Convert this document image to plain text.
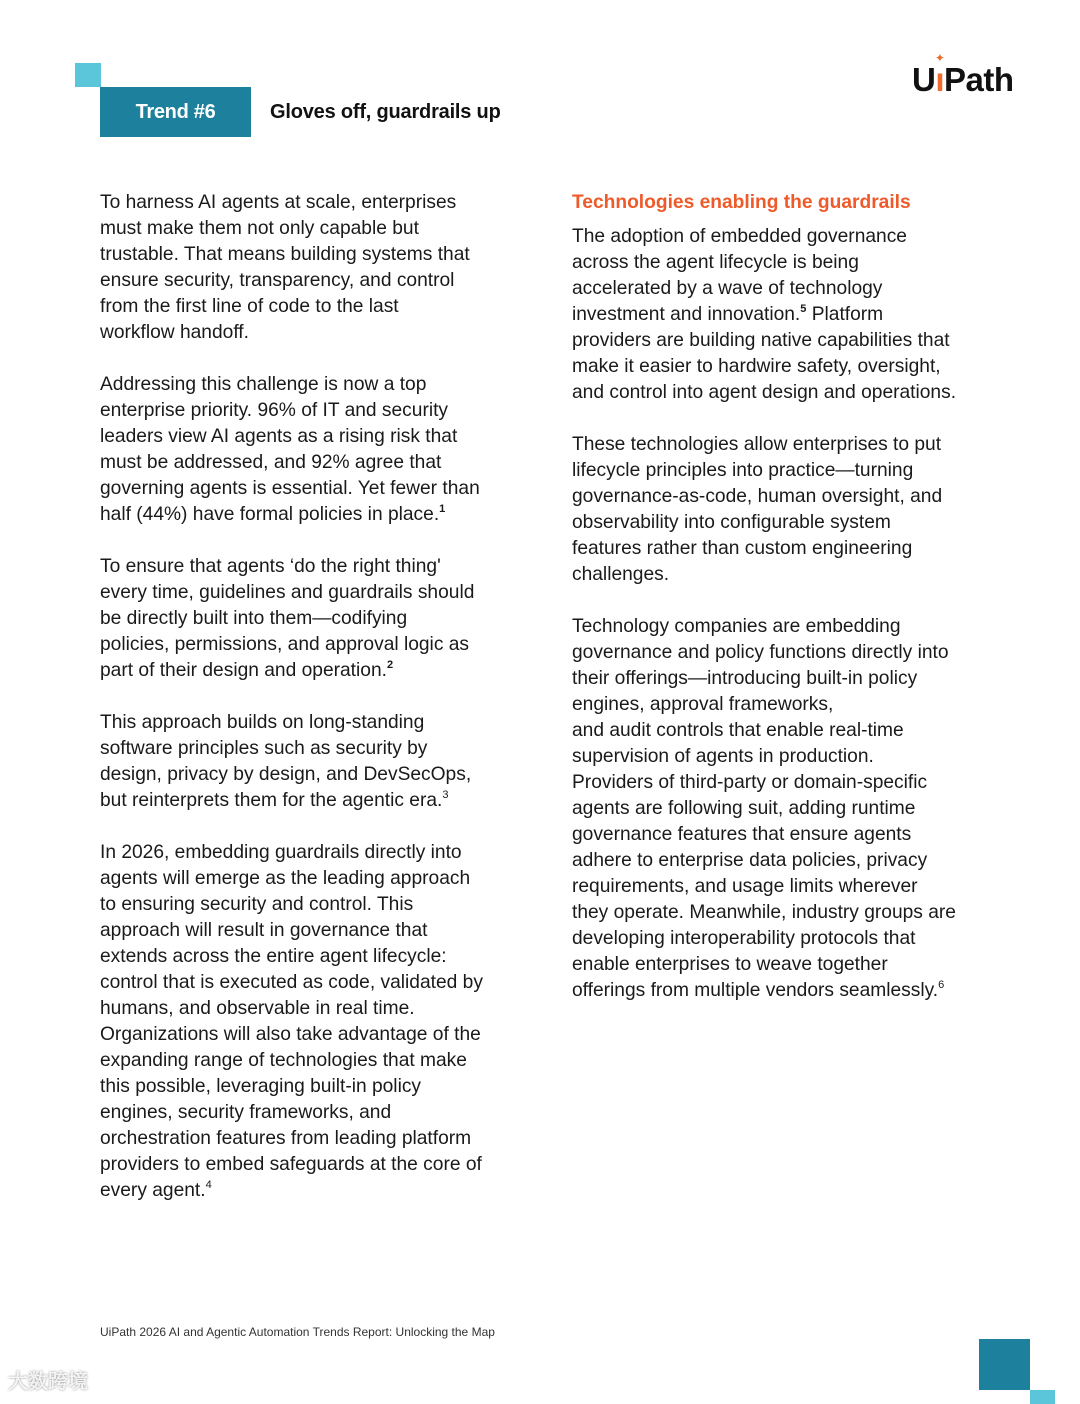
Trend #6	Gloves off, guardrails up
U
✦
ıPath

To harness AI agents at scale, enterprises
must make them not only capable but
trustable. That means building systems that
ensure security, transparency, and control
from the first line of code to the last
workflow handoff.

Addressing this challenge is now a top
enterprise priority. 96% of IT and security
leaders view AI agents as a rising risk that
must be addressed, and 92% agree that
governing agents is essential. Yet fewer than
half (44%) have formal policies in place.$^1$

To ensure that agents ‘do the right thing'
every time, guidelines and guardrails should
be directly built into them—codifying
policies, permissions, and approval logic as
part of their design and operation.$^2$

This approach builds on long-standing
software principles such as security by
design, privacy by design, and DevSecOps,
but reinterprets them for the agentic era.$^3$

In 2026, embedding guardrails directly into
agents will emerge as the leading approach
to ensuring security and control. This
approach will result in governance that
extends across the entire agent lifecycle:
control that is executed as code, validated by
humans, and observable in real time.
Organizations will also take advantage of the
expanding range of technologies that make
this possible, leveraging built-in policy
engines, security frameworks, and
orchestration features from leading platform
providers to embed safeguards at the core of
every agent.$^4$

Technologies enabling the guardrails

The adoption of embedded governance
across the agent lifecycle is being
accelerated by a wave of technology
investment and innovation.$^5$ Platform
providers are building native capabilities that
make it easier to hardwire safety, oversight,
and control into agent design and operations.

These technologies allow enterprises to put
lifecycle principles into practice—turning
governance-as-code, human oversight, and
observability into configurable system
features rather than custom engineering
challenges.

Technology companies are embedding
governance and policy functions directly into
their offerings—introducing built-in policy
engines, approval frameworks,
and audit controls that enable real-time
supervision of agents in production.
Providers of third-party or domain-specific
agents are following suit, adding runtime
governance features that ensure agents
adhere to enterprise data policies, privacy
requirements, and usage limits wherever
they operate. Meanwhile, industry groups are
developing interoperability protocols that
enable enterprises to weave together
offerings from multiple vendors seamlessly.$^6$

UiPath 2026 AI and Agentic Automation Trends Report: Unlocking the Map
大数跨境
